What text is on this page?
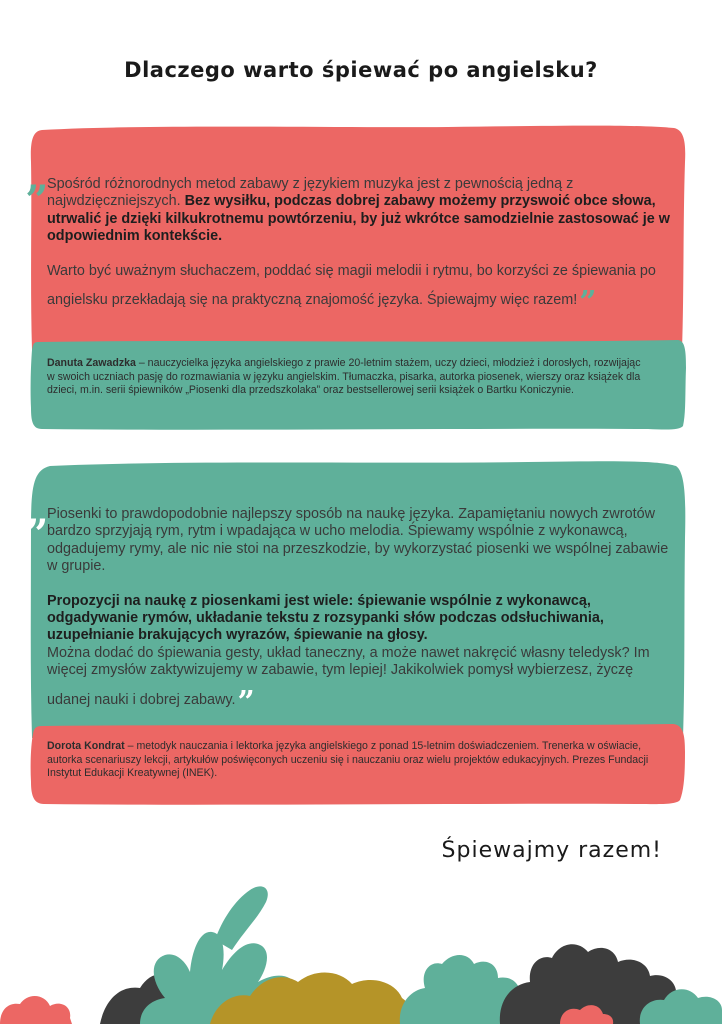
Dlaczego warto śpiewać po angielsku?
„

Spośród różnorodnych metod zabawy z językiem muzyka jest z pewnością jedną z najwdzięczniejszych. Bez wysiłku, podczas dobrej zabawy możemy przyswoić obce słowa, utrwalić je dzięki kilkukrotnemu powtórzeniu, by już wkrótce samodzielnie zastosować je w odpowiednim kontekście.

Warto być uważnym słuchaczem, poddać się magii melodii i rytmu, bo korzyści ze śpiewania po angielsku przekładają się na praktyczną znajomość języka. Śpiewajmy więc razem!”

Danuta Zawadzka – nauczycielka języka angielskiego z prawie 20-letnim stażem, uczy dzieci, młodzież i dorosłych, rozwijając w swoich uczniach pasję do rozmawiania w języku angielskim. Tłumaczka, pisarka, autorka piosenek, wierszy oraz książek dla dzieci, m.in. serii śpiewników „Piosenki dla przedszkolaka” oraz bestsellerowej serii książek o Bartku Koniczynie.
„

Piosenki to prawdopodobnie najlepszy sposób na naukę języka. Zapamiętaniu nowych zwrotów bardzo sprzyjają rym, rytm i wpadająca w ucho melodia. Śpiewamy wspólnie z wykonawcą, odgadujemy rymy, ale nic nie stoi na przeszkodzie, by wykorzystać piosenki we wspólnej zabawie w grupie.

Propozycji na naukę z piosenkami jest wiele: śpiewanie wspólnie z wykonawcą, odgadywanie rymów, układanie tekstu z rozsypanki słów podczas odsłuchiwania, uzupełnianie brakujących wyrazów, śpiewanie na głosy.
Można dodać do śpiewania gesty, układ taneczny, a może nawet nakręcić własny teledysk? Im więcej zmysłów zaktywizujemy w zabawie, tym lepiej! Jakikolwiek pomysł wybierzesz, życzę udanej nauki i dobrej zabawy.”

Dorota Kondrat – metodyk nauczania i lektorka języka angielskiego z ponad 15-letnim doświadczeniem. Trenerka w oświacie, autorka scenariuszy lekcji, artykułów poświęconych uczeniu się i nauczaniu oraz wielu projektów edukacyjnych. Prezes Fundacji Instytut Edukacji Kreatywnej (INEK).
Śpiewajmy razem!
